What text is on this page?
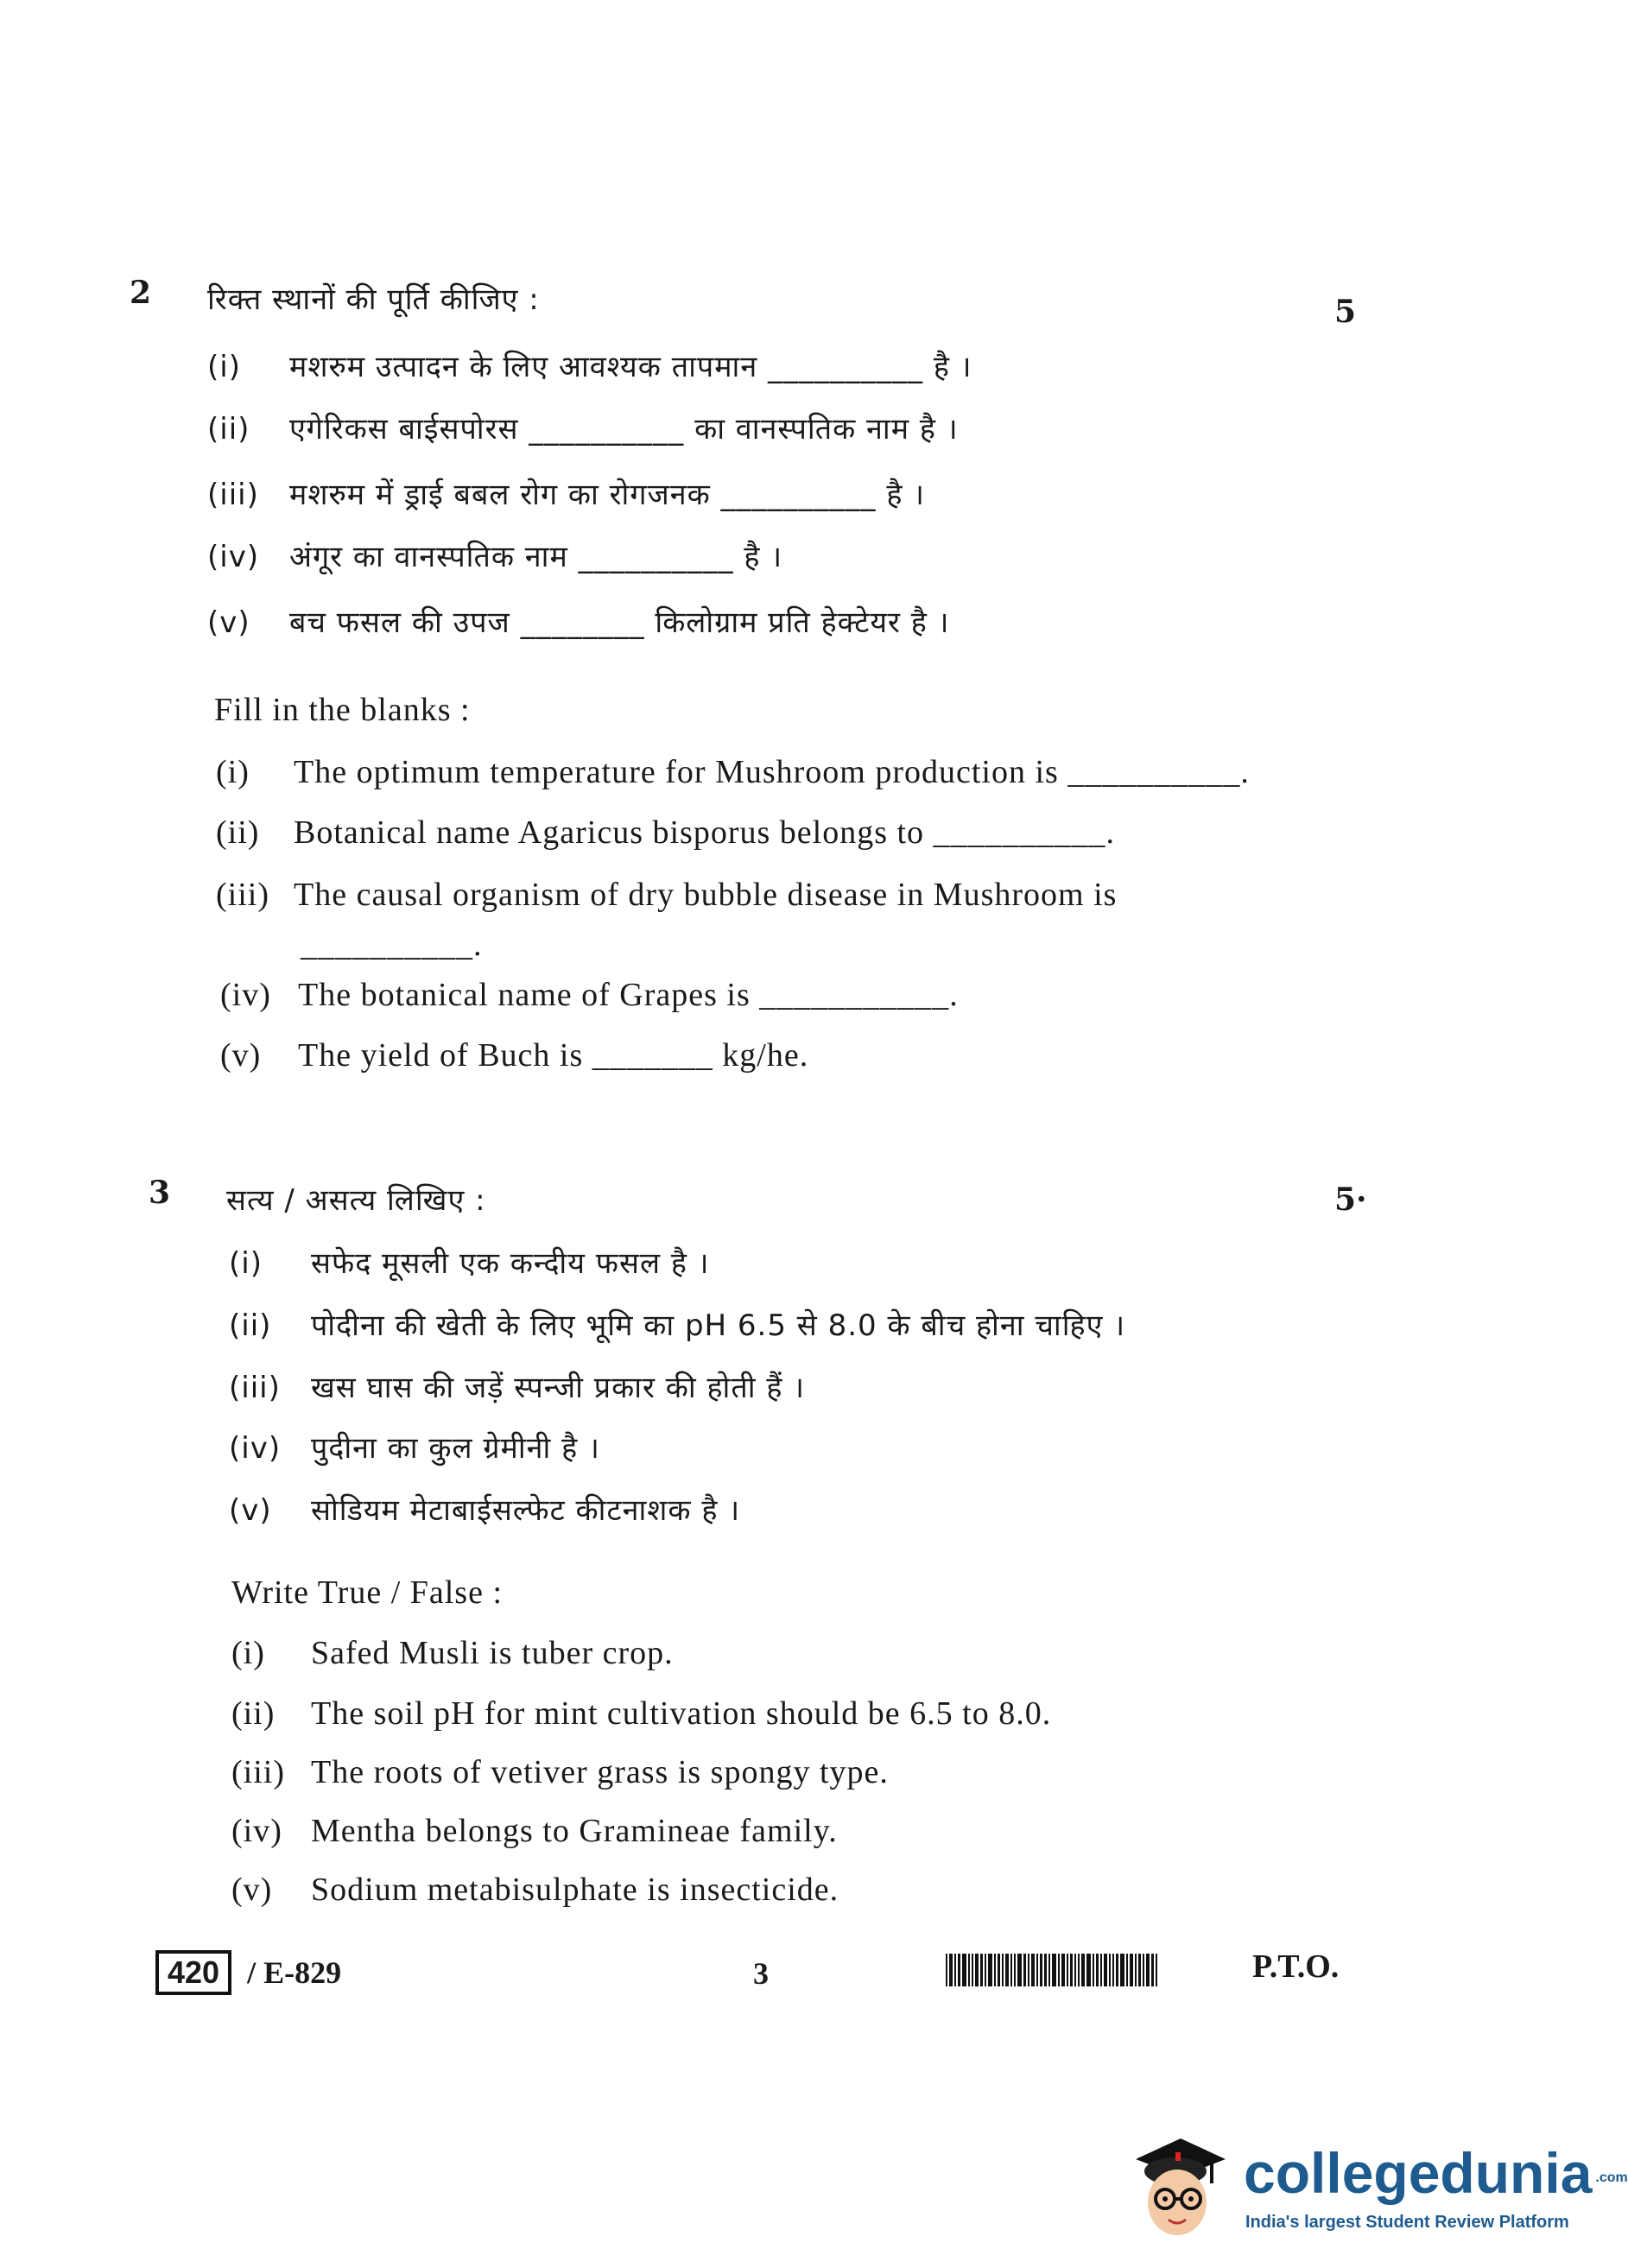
2
5
रिक्त स्थानों की पूर्ति कीजिए :
(i) मशरुम उत्पादन के लिए आवश्यक तापमान __________ है ।
(ii) एगेरिकस बाईसपोरस __________ का वानस्पतिक नाम है ।
(iii) मशरुम में ड्राई बबल रोग का रोगजनक __________ है ।
(iv) अंगूर का वानस्पतिक नाम __________ है ।
(v) बच फसल की उपज ________ किलोग्राम प्रति हेक्टेयर है ।
Fill in the blanks :
(i) The optimum temperature for Mushroom production is __________.
(ii) Botanical name Agaricus bisporus belongs to __________.
(iii) The causal organism of dry bubble disease in Mushroom is
__________.
(iv) The botanical name of Grapes is ___________.
(v) The yield of Buch is _______ kg/he.
3	5·
सत्य / असत्य लिखिए :
(i) सफेद मूसली एक कन्दीय फसल है ।
(ii) पोदीना की खेती के लिए भूमि का pH 6.5 से 8.0 के बीच होना चाहिए ।
(iii) खस घास की जड़ें स्पन्जी प्रकार की होती हैं ।
(iv) पुदीना का कुल ग्रेमीनी है ।
(v) सोडियम मेटाबाईसल्फेट कीटनाशक है ।
Write True / False :
(i) Safed Musli is tuber crop.
(ii) The soil pH for mint cultivation should be 6.5 to 8.0.
(iii) The roots of vetiver grass is spongy type.
(iv) Mentha belongs to Gramineae family.
(v) Sodium metabisulphate is insecticide.
420 / E-829	3	P.T.O.
collegedunia .com
India's largest Student Review Platform
